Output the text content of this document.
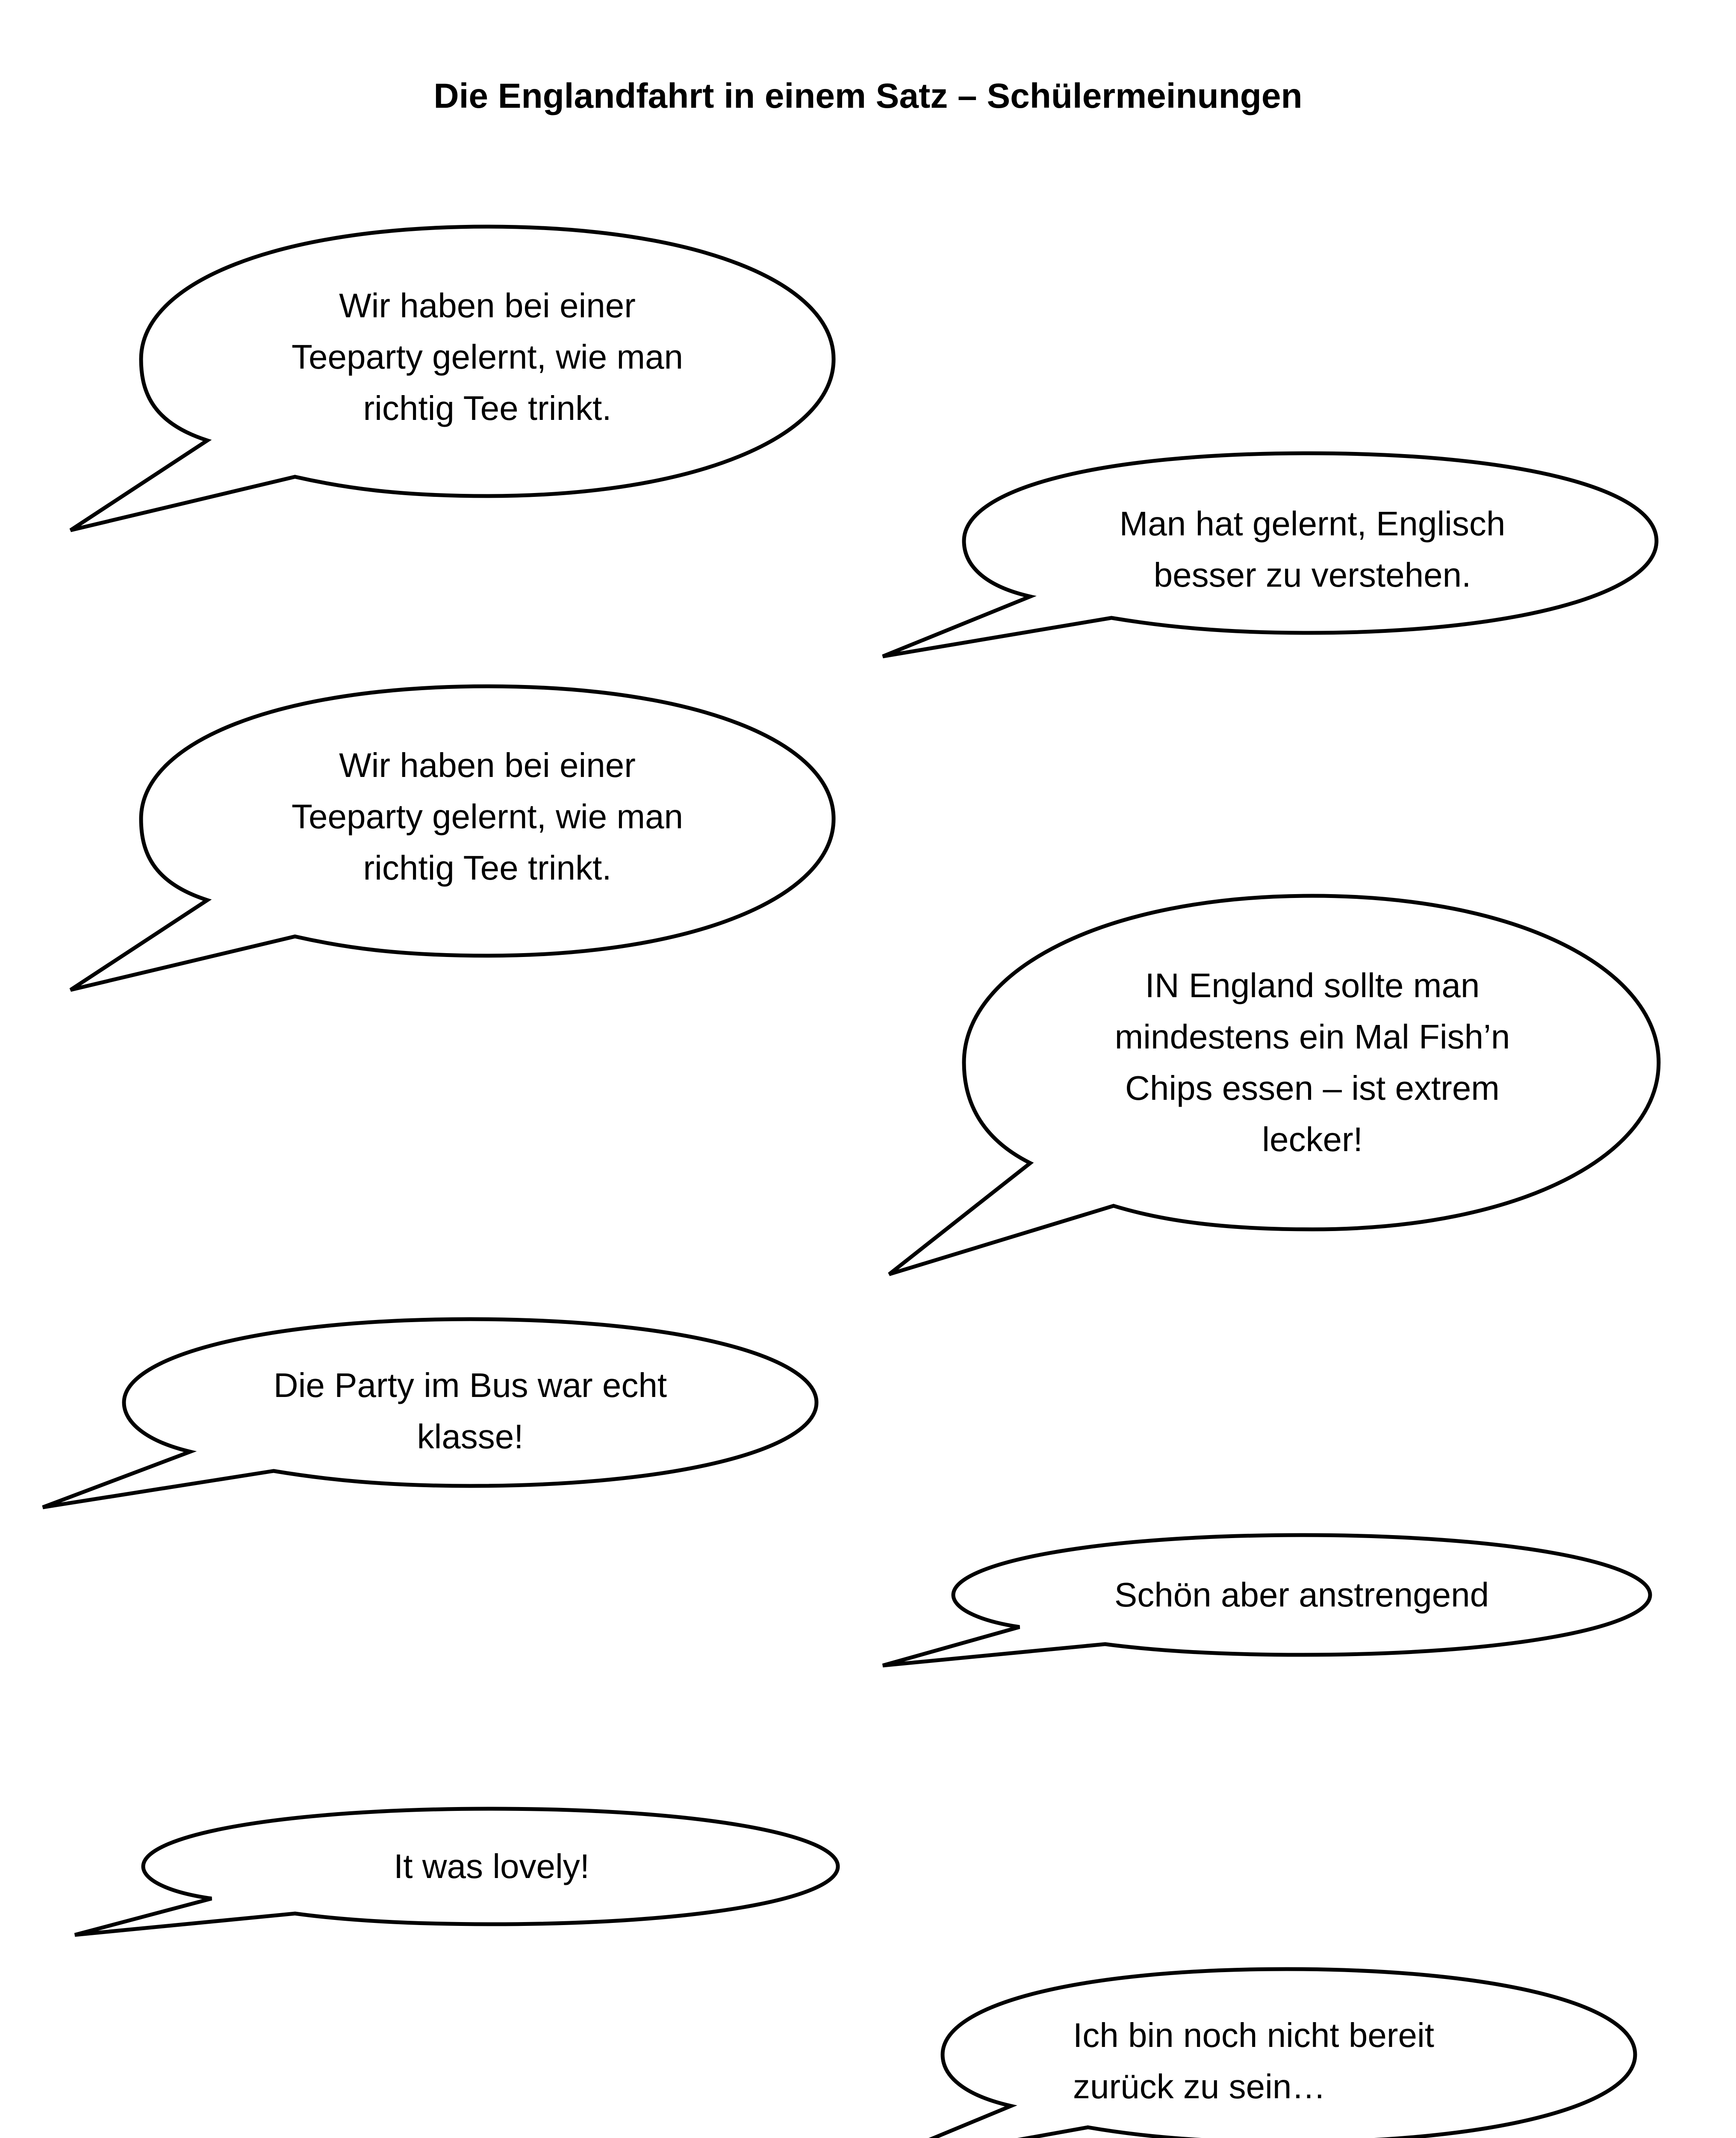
Die Englandfahrt in einem Satz – Schülermeinungen
Wir haben bei einer
Teeparty gelernt, wie man
richtig Tee trinkt.
Man hat gelernt, Englisch
besser zu verstehen.
Wir haben bei einer
Teeparty gelernt, wie man
richtig Tee trinkt.
IN England sollte man
mindestens ein Mal Fish’n
Chips essen – ist extrem
lecker!
Die Party im Bus war echt
klasse!
Schön aber anstrengend
It was lovely!
Ich bin noch nicht bereit
zurück zu sein…
